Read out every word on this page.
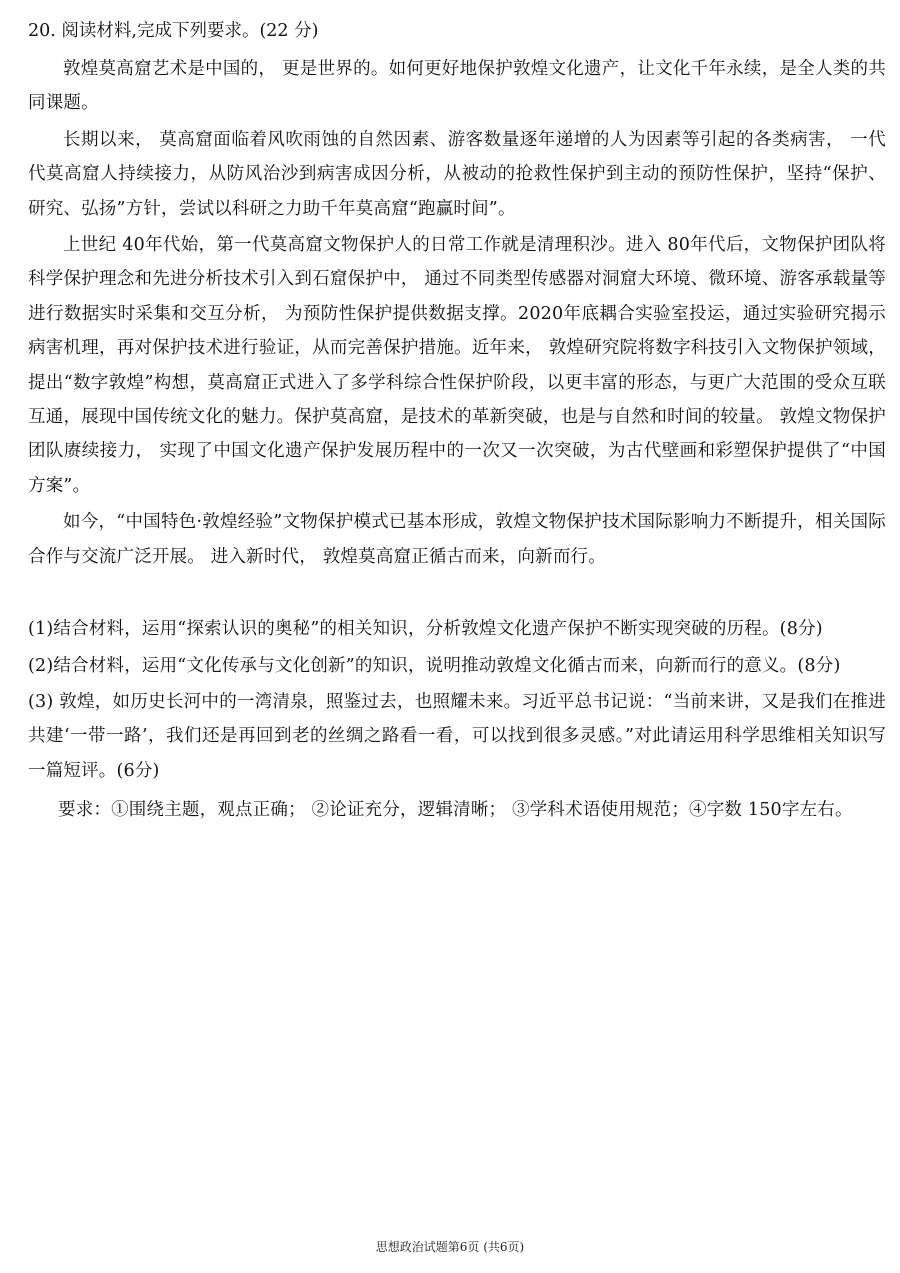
20. 阅读材料,完成下列要求。(22 分)

敦煌莫高窟艺术是中国的， 更是世界的。如何更好地保护敦煌文化遗产，让文化千年永续，是全人类的共同课题。

长期以来， 莫高窟面临着风吹雨蚀的自然因素、游客数量逐年递增的人为因素等引起的各类病害， 一代代莫高窟人持续接力，从防风治沙到病害成因分析，从被动的抢救性保护到主动的预防性保护，坚持“保护、研究、弘扬”方针，尝试以科研之力助千年莫高窟“跑赢时间”。

上世纪 40年代始，第一代莫高窟文物保护人的日常工作就是清理积沙。进入 80年代后，文物保护团队将科学保护理念和先进分析技术引入到石窟保护中， 通过不同类型传感器对洞窟大环境、微环境、游客承载量等进行数据实时采集和交互分析， 为预防性保护提供数据支撑。2020年底耦合实验室投运，通过实验研究揭示病害机理，再对保护技术进行验证，从而完善保护措施。近年来， 敦煌研究院将数字科技引入文物保护领域，提出“数字敦煌”构想，莫高窟正式进入了多学科综合性保护阶段，以更丰富的形态，与更广大范围的受众互联互通，展现中国传统文化的魅力。保护莫高窟，是技术的革新突破，也是与自然和时间的较量。 敦煌文物保护团队赓续接力， 实现了中国文化遗产保护发展历程中的一次又一次突破，为古代壁画和彩塑保护提供了“中国方案”。

如今，“中国特色·敦煌经验”文物保护模式已基本形成，敦煌文物保护技术国际影响力不断提升，相关国际合作与交流广泛开展。 进入新时代， 敦煌莫高窟正循古而来，向新而行。

(1)结合材料，运用“探索认识的奥秘”的相关知识，分析敦煌文化遗产保护不断实现突破的历程。(8分)

(2)结合材料，运用“文化传承与文化创新”的知识，说明推动敦煌文化循古而来，向新而行的意义。(8分)

(3) 敦煌，如历史长河中的一湾清泉，照鉴过去，也照耀未来。习近平总书记说：“当前来讲，又是我们在推进共建‘一带一路’，我们还是再回到老的丝绸之路看一看，可以找到很多灵感。”对此请运用科学思维相关知识写一篇短评。(6分)

要求：①围绕主题，观点正确； ②论证充分，逻辑清晰； ③学科术语使用规范；④字数 150字左右。
思想政治试题第6页 (共6页)
